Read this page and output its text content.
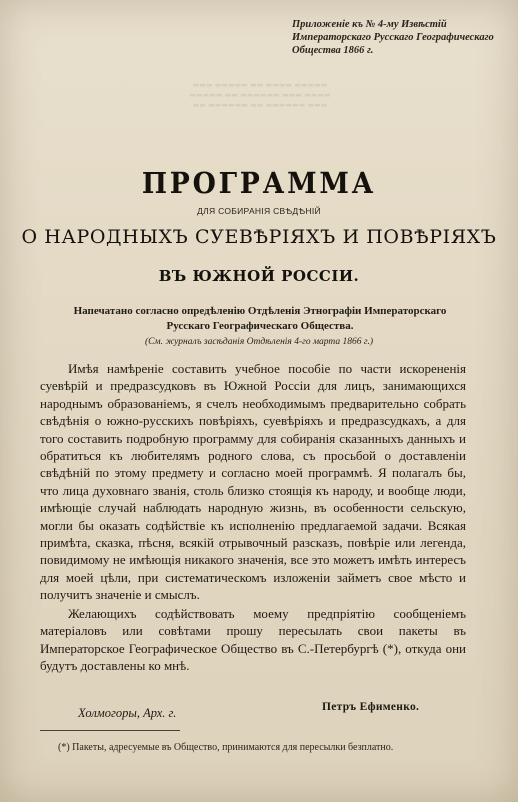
▬▬▬ ▬▬▬▬▬ ▬▬ ▬▬▬▬ ▬▬▬▬▬
▬▬▬▬▬ ▬▬ ▬▬▬▬▬▬ ▬▬▬ ▬▬▬▬
▬▬ ▬▬▬▬▬▬ ▬▬ ▬▬▬▬▬▬ ▬▬▬
Приложеніе къ № 4-му Извѣстій Императорскаго Русскаго Географическаго Общества 1866 г.
ПРОГРАММА
ДЛЯ СОБИРАНІЯ СВѢДѢНІЙ
О НАРОДНЫХЪ СУЕВѢРІЯХЪ И ПОВѢРІЯХЪ
ВЪ ЮЖНОЙ РОССІИ.
Напечатано согласно опредѣленію Отдѣленія Этнографіи Императорскаго Русскаго Географическаго Общества.
(См. журналъ засѣданія Отдѣленія 4-го марта 1866 г.)

Имѣя намѣреніе составить учебное пособіе по части искорененія суевѣрій и предразсудковъ въ Южной Россіи для лицъ, занимающихся народнымъ образованіемъ, я счелъ необходимымъ предварительно собрать свѣдѣнія о южно-русскихъ повѣріяхъ, суевѣріяхъ и предразсудкахъ, а для того составить подробную программу для собиранія сказанныхъ данныхъ и обратиться къ любителямъ родного слова, съ просьбой о доставленіи свѣдѣній по этому предмету и согласно моей программѣ. Я полагалъ бы, что лица духовнаго званія, столь близко стоящія къ народу, и вообще люди, имѣющіе случай наблюдать народную жизнь, въ особенности сельскую, могли бы оказать содѣйствіе къ исполненію предлагаемой задачи. Всякая примѣта, сказка, пѣсня, всякій отрывочный разсказъ, повѣріе или легенда, повидимому не имѣющія никакого значенія, все это можетъ имѣть интересъ для моей цѣли, при систематическомъ изложеніи займетъ свое мѣсто и получитъ значеніе и смыслъ.

Желающихъ содѣйствовать моему предпріятію сообщеніемъ матеріаловъ или совѣтами прошу пересылать свои пакеты въ Императорское Географическое Общество въ С.-Петербургѣ (*), откуда они будутъ доставлены ко мнѣ.

Холмогоры, Арх. г.	Петръ Ефименко.
(*) Пакеты, адресуемые въ Общество, принимаются для пересылки безплатно.
